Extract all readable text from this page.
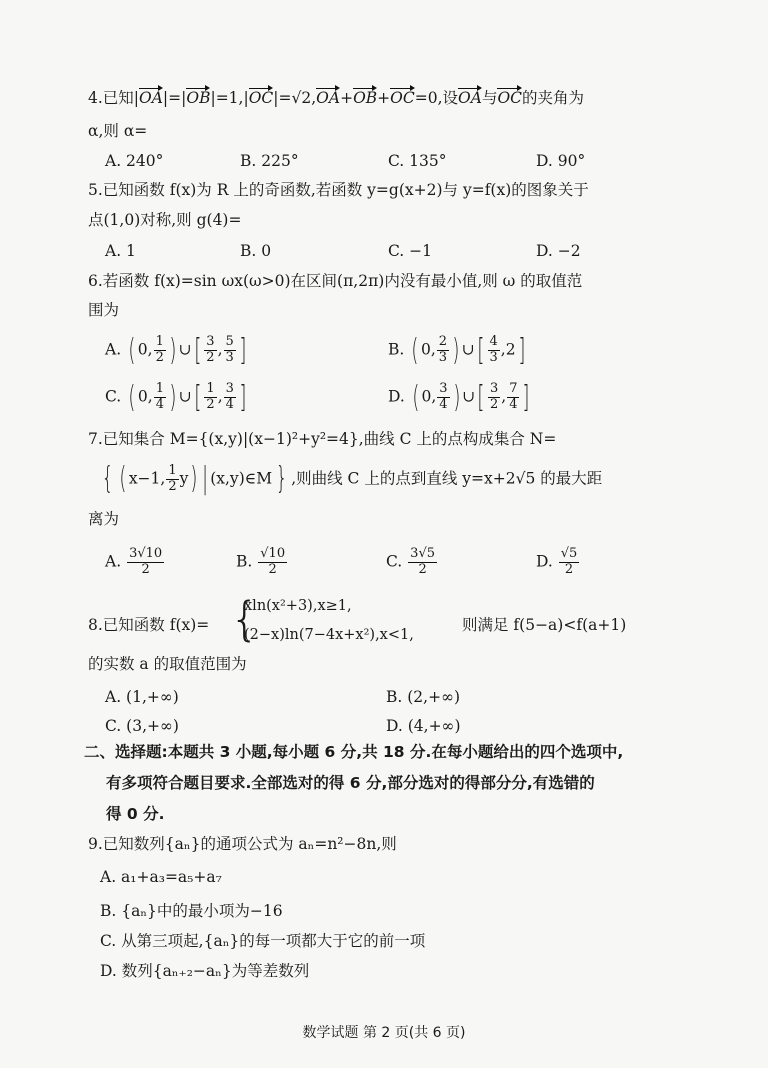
4.已知|OA|=|OB|=1,|OC|=√2,OA+OB+OC=0,设OA与OC的夹角为
α,则 α=
A. 240°	B. 225°	C. 135°	D. 90°
5.已知函数 f(x)为 R 上的奇函数,若函数 y=g(x+2)与 y=f(x)的图象关于
点(1,0)对称,则 g(4)=
A. 1	B. 0	C. −1	D. −2
6.若函数 f(x)=sin ωx(ω>0)在区间(π,2π)内没有最小值,则 ω 的取值范
围为
A. ( 0, $\frac{1}{2}$ ) ∪[ $\frac{3}{2}$ , $\frac{5}{3}$ ]	B. ( 0, $\frac{2}{3}$ ) ∪[ $\frac{4}{3} ,2$]
C. ( 0, $\frac{1}{4}$ ) ∪[ $\frac{1}{2}$ , $\frac{3}{4}$ ]	D. ( 0, $\frac{3}{4}$ ) ∪[ $\frac{3}{2}$ , $\frac{7}{4}$ ]
7.已知集合 M={(x,y)|(x−1)²+y²=4},曲线 C 上的点构成集合 N=
{ ( x−1, $\frac{1}{2} y$) | (x,y)∈M } ,则曲线 C 上的点到直线 y=x+2√5 的最大距
离为
A. $\frac{3√10}{2}$	B. $\frac{√10}{2}$	C. $\frac{3√5}{2}$	D. $\frac{√5}{2}$
8.已知函数 f(x)= {
xln(x²+3),x≥1,
(2−x)ln(7−4x+x²),x<1,
则满足 f(5−a)<f(a+1)
的实数 a 的取值范围为
A. (1,+∞)	B. (2,+∞)
C. (3,+∞)	D. (4,+∞)
二、选择题:本题共 3 小题,每小题 6 分,共 18 分.在每小题给出的四个选项中,
有多项符合题目要求.全部选对的得 6 分,部分选对的得部分分,有选错的
得 0 分.
9.已知数列{aₙ}的通项公式为 aₙ=n²−8n,则
A. a₁+a₃=a₅+a₇
B. {aₙ}中的最小项为−16
C. 从第三项起,{aₙ}的每一项都大于它的前一项
D. 数列{aₙ₊₂−aₙ}为等差数列
数学试题 第 2 页(共 6 页)
